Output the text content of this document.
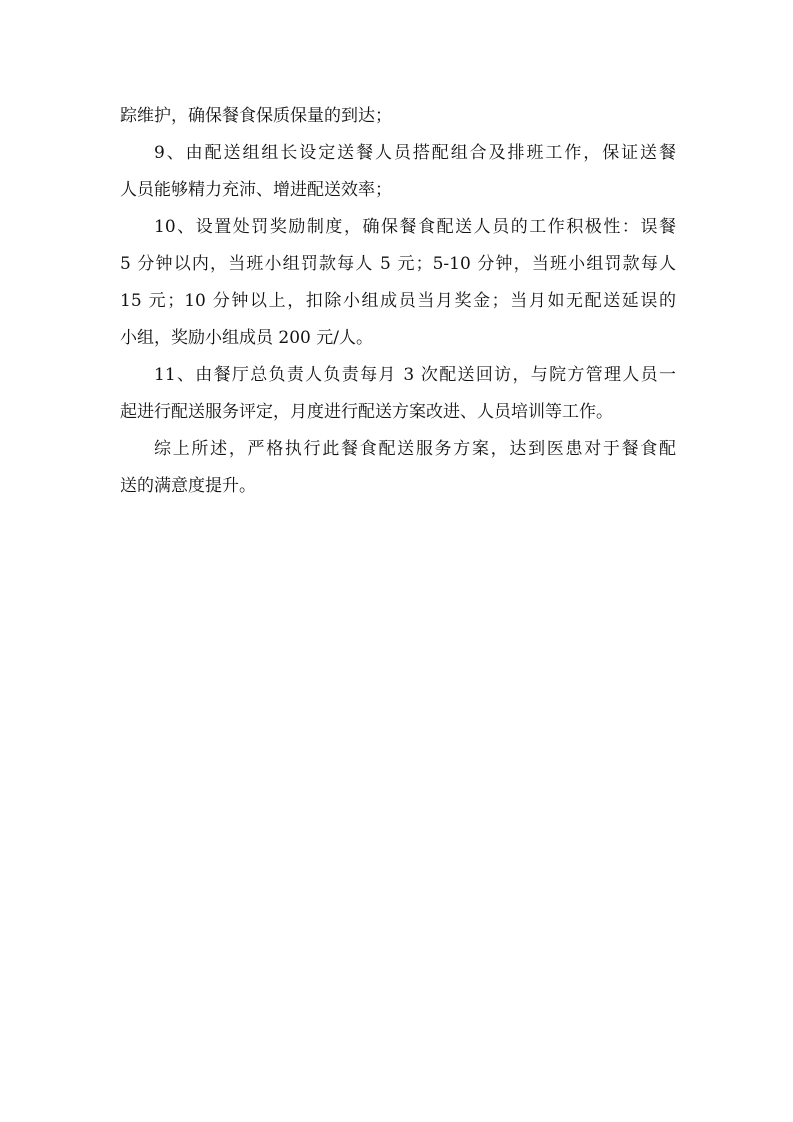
踪维护，确保餐食保质保量的到达；
9、由配送组组长设定送餐人员搭配组合及排班工作，保证送餐
人员能够精力充沛、增进配送效率；
10、设置处罚奖励制度，确保餐食配送人员的工作积极性：误餐
5 分钟以内，当班小组罚款每人 5 元；5-10 分钟，当班小组罚款每人
15 元；10 分钟以上，扣除小组成员当月奖金；当月如无配送延误的
小组，奖励小组成员 200 元/人。
11、由餐厅总负责人负责每月 3 次配送回访，与院方管理人员一
起进行配送服务评定，月度进行配送方案改进、人员培训等工作。
综上所述，严格执行此餐食配送服务方案，达到医患对于餐食配
送的满意度提升。
